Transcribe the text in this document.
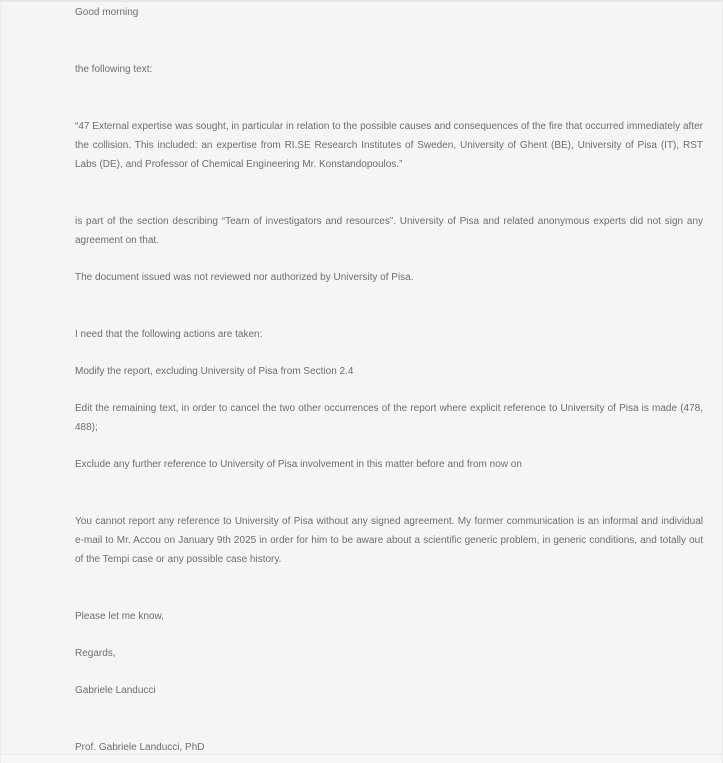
Good morning

the following text:

“47 External expertise was sought, in particular in relation to the possible causes and consequences of the fire that occurred immediately after the collision. This included: an expertise from RI.SE Research Institutes of Sweden, University of Ghent (BE), University of Pisa (IT), RST Labs (DE), and Professor of Chemical Engineering Mr. Konstandopoulos.”

is part of the section describing “Team of investigators and resources”. University of Pisa and related anonymous experts did not sign any agreement on that.

The document issued was not reviewed nor authorized by University of Pisa.

I need that the following actions are taken:

Modify the report, excluding University of Pisa from Section 2.4

Edit the remaining text, in order to cancel the two other occurrences of the report where explicit reference to University of Pisa is made (478, 488);

Exclude any further reference to University of Pisa involvement in this matter before and from now on

You cannot report any reference to University of Pisa without any signed agreement. My former communication is an informal and individual e-mail to Mr. Accou on January 9th 2025 in order for him to be aware about a scientific generic problem, in generic conditions, and totally out of the Tempi case or any possible case history.

Please let me know,

Regards,

Gabriele Landucci

Prof. Gabriele Landucci, PhD
